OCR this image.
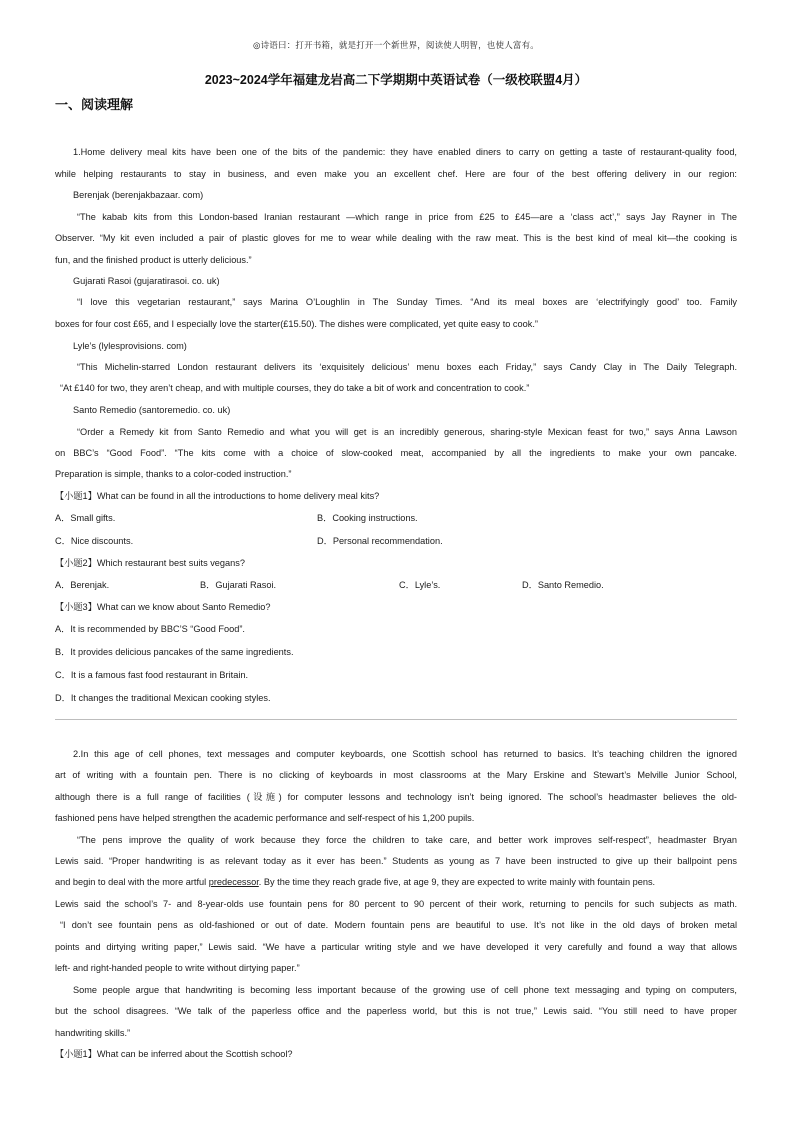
◎诗语曰：打开书箱，就是打开一个新世界，阅读使人明智，也使人富有。
2023~2024学年福建龙岩高二下学期期中英语试卷（一级校联盟4月）
一、阅读理解
1.Home delivery meal kits have been one of the bits of the pandemic: they have enabled diners to carry on getting a taste of restaurant-quality food,
while helping restaurants to stay in business, and even make you an excellent chef. Here are four of the best offering delivery in our region:
Berenjak (berenjakbazaar. com)
“The kabab kits from this London-based Iranian restaurant —which range in price from £25 to £45—are a ‘class act’,” says Jay Rayner in The
Observer. “My kit even included a pair of plastic gloves for me to wear while dealing with the raw meat. This is the best kind of meal kit—the cooking is
fun, and the finished product is utterly delicious.”
Gujarati Rasoi (gujaratirasoi. co. uk)
“I love this vegetarian restaurant,” says Marina O’Loughlin in The Sunday Times. “And its meal boxes are ‘electrifyingly good’ too. Family
boxes for four cost £65, and I especially love the starter(£15.50). The dishes were complicated, yet quite easy to cook.”
Lyle’s (lylesprovisions. com)
“This Michelin-starred London restaurant delivers its ‘exquisitely delicious’ menu boxes each Friday,” says Candy Clay in The Daily Telegraph.
“At £140 for two, they aren’t cheap, and with multiple courses, they do take a bit of work and concentration to cook.”
Santo Remedio (santoremedio. co. uk)
“Order a Remedy kit from Santo Remedio and what you will get is an incredibly generous, sharing-style Mexican feast for two,” says Anna Lawson
on BBC’s “Good Food”. “The kits come with a choice of slow-cooked meat, accompanied by all the ingredients to make your own pancake.
Preparation is simple, thanks to a color-coded instruction.”
【小题1】What can be found in all the introductions to home delivery meal kits?
A．Small gifts.	B．Cooking instructions.
C．Nice discounts.	D．Personal recommendation.
【小题2】Which restaurant best suits vegans?
A．Berenjak.	B．Gujarati Rasoi.	C．Lyle’s.	D．Santo Remedio.
【小题3】What can we know about Santo Remedio?
A．It is recommended by BBC’S “Good Food”.
B．It provides delicious pancakes of the same ingredients.
C．It is a famous fast food restaurant in Britain.
D．It changes the traditional Mexican cooking styles.
2.In this age of cell phones, text messages and computer keyboards, one Scottish school has returned to basics. It’s teaching children the ignored
art of writing with a fountain pen. There is no clicking of keyboards in most classrooms at the Mary Erskine and Stewart’s Melville Junior School,
although there is a full range of facilities (设施) for computer lessons and technology isn’t being ignored. The school’s headmaster believes the old-
fashioned pens have helped strengthen the academic performance and self-respect of his 1,200 pupils.
“The pens improve the quality of work because they force the children to take care, and better work improves self-respect”, headmaster Bryan
Lewis said. “Proper handwriting is as relevant today as it ever has been.” Students as young as 7 have been instructed to give up their ballpoint pens
and begin to deal with the more artful predecessor. By the time they reach grade five, at age 9, they are expected to write mainly with fountain pens.
Lewis said the school’s 7- and 8-year-olds use fountain pens for 80 percent to 90 percent of their work, returning to pencils for such subjects as math.
“I don’t see fountain pens as old-fashioned or out of date. Modern fountain pens are beautiful to use. It’s not like in the old days of broken metal
points and dirtying writing paper,” Lewis said. “We have a particular writing style and we have developed it very carefully and found a way that allows
left- and right-handed people to write without dirtying paper.”
Some people argue that handwriting is becoming less important because of the growing use of cell phone text messaging and typing on computers,
but the school disagrees. “We talk of the paperless office and the paperless world, but this is not true,” Lewis said. “You still need to have proper
handwriting skills.”
【小题1】What can be inferred about the Scottish school?
